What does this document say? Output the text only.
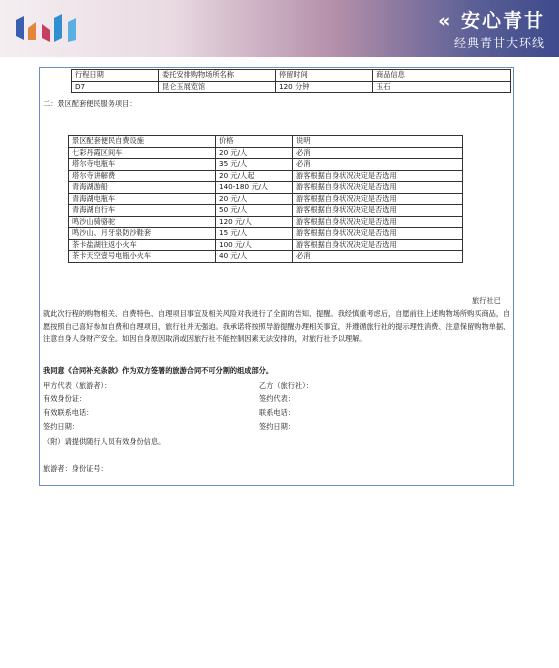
« 安心青甘
经典青甘大环线
行程日期	委托安排购物场所名称	停留时间	商品信息
D7	昆仑玉展览馆	120 分钟	玉石
二：景区配套便民服务项目：
景区配套便民自费设施	价格	说明
七彩丹霞区间车	20 元/人	必消
塔尔寺电瓶车	35 元/人	必消
塔尔寺讲解费	20 元/人起	游客根据自身状况决定是否选用
青海湖游船	140-180 元/人	游客根据自身状况决定是否选用
青海湖电瓶车	20 元/人	游客根据自身状况决定是否选用
青海湖自行车	50 元/人	游客根据自身状况决定是否选用
鸣沙山骑骆驼	120 元/人	游客根据自身状况决定是否选用
鸣沙山、月牙泉防沙鞋套	15 元/人	游客根据自身状况决定是否选用
茶卡盐湖往返小火车	100 元/人	游客根据自身状况决定是否选用
茶卡天空壹号电瓶小火车	40 元/人	必消
旅行社已
就此次行程的购物相关、自费特色、自理项目事宜及相关风险对我进行了全面的告知、提醒。我经慎重考虑后，自愿前往上述购物场所购买商品，自愿按照自己喜好参加自费和自理项目，旅行社并无强迫。我承诺将按照导游提醒办理相关事宜，并遵循旅行社的提示理性消费、注意保留购物单据、注意自身人身财产安全。如因自身原因取消或因旅行社不能控制因素无法安排的，对旅行社予以理解。
我同意《合同补充条款》作为双方签署的旅游合同不可分割的组成部分。
甲方代表（旅游者）：	乙方（旅行社）：
有效身份证：	签约代表：
有效联系电话：	联系电话：
签约日期：	签约日期：
（附）请提供随行人员有效身份信息。
旅游者：身份证号：
